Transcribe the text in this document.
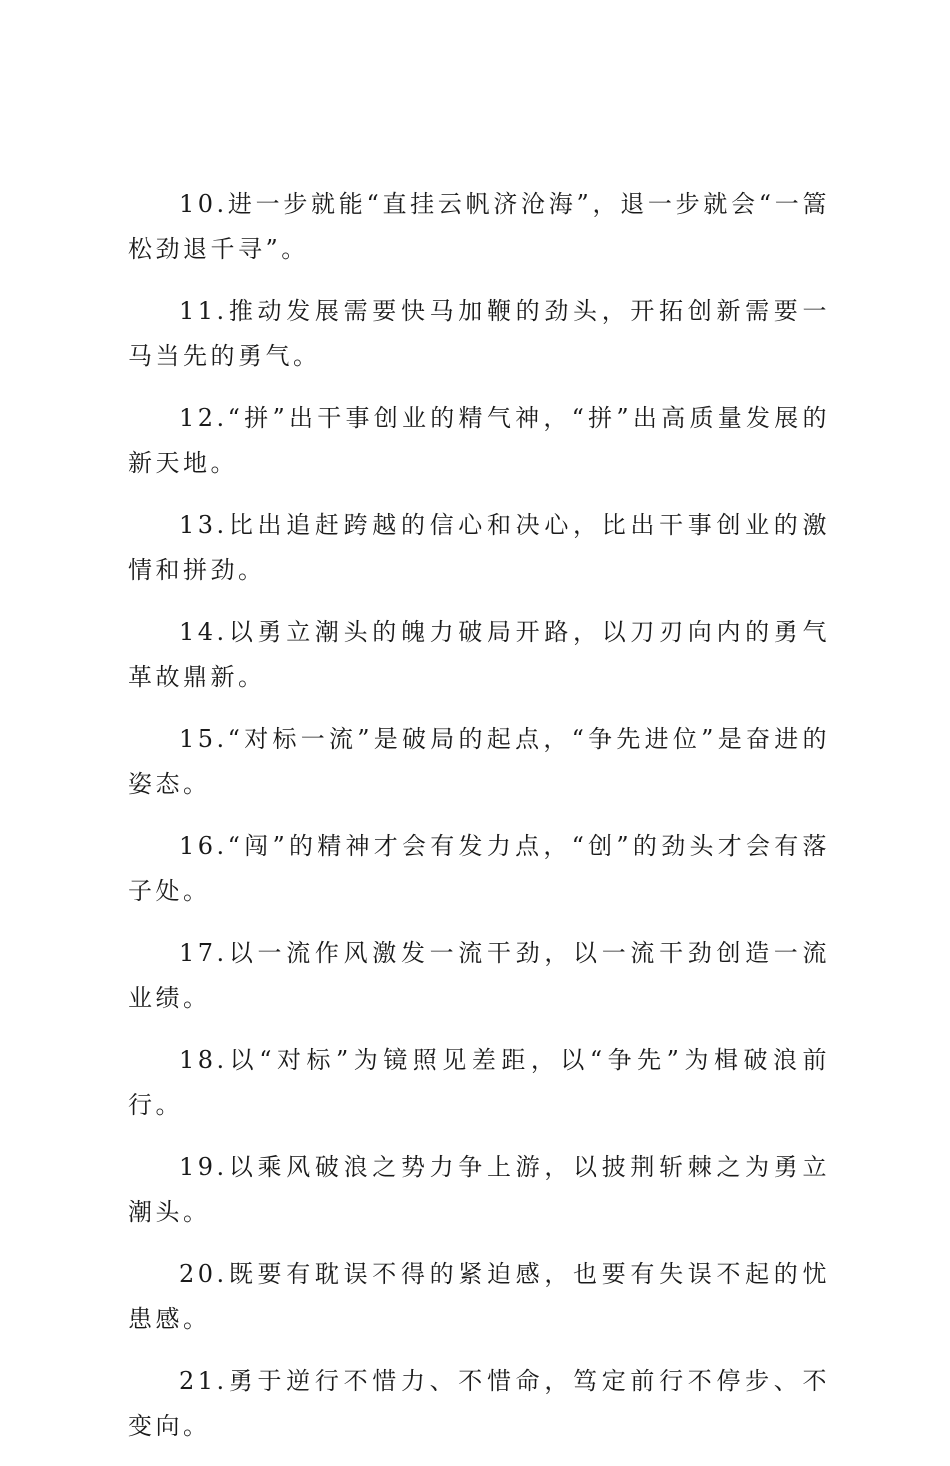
10.进一步就能“直挂云帆济沧海”，退一步就会“一篙松劲退千寻”。

11.推动发展需要快马加鞭的劲头，开拓创新需要一马当先的勇气。

12.“拼”出干事创业的精气神，“拼”出高质量发展的新天地。

13.比出追赶跨越的信心和决心，比出干事创业的激情和拼劲。

14.以勇立潮头的魄力破局开路，以刀刃向内的勇气革故鼎新。

15.“对标一流”是破局的起点，“争先进位”是奋进的姿态。

16.“闯”的精神才会有发力点，“创”的劲头才会有落子处。

17.以一流作风激发一流干劲，以一流干劲创造一流业绩。

18.以“对标”为镜照见差距，以“争先”为楫破浪前行。

19.以乘风破浪之势力争上游，以披荆斩棘之为勇立潮头。

20.既要有耽误不得的紧迫感，也要有失误不起的忧患感。

21.勇于逆行不惜力、不惜命，笃定前行不停步、不变向。
